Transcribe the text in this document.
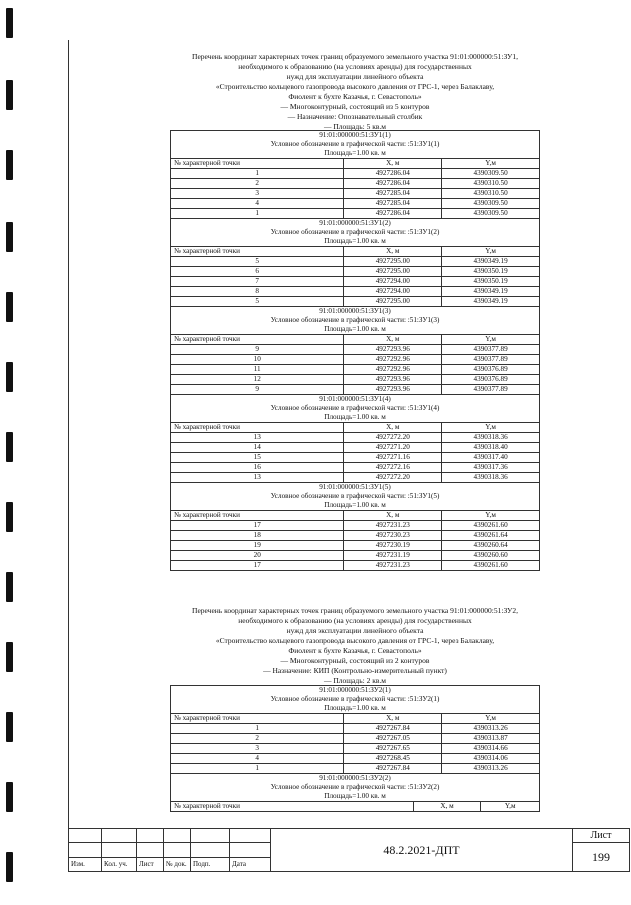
Перечень координат характерных точек границ образуемого земельного участка 91:01:000000:51:ЗУ1,
необходимого к образованию (на условиях аренды) для государственных
нужд для эксплуатации линейного объекта
«Строительство кольцевого газопровода высокого давления от ГРС-1, через Балаклаву,
Фиолент к бухте Казачья, г. Севастополь»
— Многоконтурный, состоящий из 5 контуров
— Назначение: Опознавательный столбик
— Площадь: 5 кв.м
91:01:000000:51:ЗУ1(1)		
Условное обозначение в графической части: :51:ЗУ1(1)		
Площадь=1.00 кв. м		
№ характерной точки	X, м	Y,м
1	4927286.04	4390309.50
2	4927286.04	4390310.50
3	4927285.04	4390310.50
4	4927285.04	4390309.50
1	4927286.04	4390309.50
91:01:000000:51:ЗУ1(2)		
Условное обозначение в графической части: :51:ЗУ1(2)		
Площадь=1.00 кв. м		
№ характерной точки	X, м	Y,м
5	4927295.00	4390349.19
6	4927295.00	4390350.19
7	4927294.00	4390350.19
8	4927294.00	4390349.19
5	4927295.00	4390349.19
91:01:000000:51:ЗУ1(3)		
Условное обозначение в графической части: :51:ЗУ1(3)		
Площадь=1.00 кв. м		
№ характерной точки	X, м	Y,м
9	4927293.96	4390377.89
10	4927292.96	4390377.89
11	4927292.96	4390376.89
12	4927293.96	4390376.89
9	4927293.96	4390377.89
91:01:000000:51:ЗУ1(4)		
Условное обозначение в графической части: :51:ЗУ1(4)		
Площадь=1.00 кв. м		
№ характерной точки	X, м	Y,м
13	4927272.20	4390318.36
14	4927271.20	4390318.40
15	4927271.16	4390317.40
16	4927272.16	4390317.36
13	4927272.20	4390318.36
91:01:000000:51:ЗУ1(5)		
Условное обозначение в графической части: :51:ЗУ1(5)		
Площадь=1.00 кв. м		
№ характерной точки	X, м	Y,м
17	4927231.23	4390261.60
18	4927230.23	4390261.64
19	4927230.19	4390260.64
20	4927231.19	4390260.60
17	4927231.23	4390261.60
Перечень координат характерных точек границ образуемого земельного участка 91:01:000000:51:ЗУ2,
необходимого к образованию (на условиях аренды) для государственных
нужд для эксплуатации линейного объекта
«Строительство кольцевого газопровода высокого давления от ГРС-1, через Балаклаву,
Фиолент к бухте Казачья, г. Севастополь»
— Многоконтурный, состоящий из 2 контуров
— Назначение: КИП (Контрольно-измерительный пункт)
— Площадь: 2 кв.м
91:01:000000:51:ЗУ2(1)		
Условное обозначение в графической части: :51:ЗУ2(1)		
Площадь=1.00 кв. м		
№ характерной точки	X, м	Y,м
1	4927267.84	4390313.26
2	4927267.05	4390313.87
3	4927267.65	4390314.66
4	4927268.45	4390314.06
1	4927267.84	4390313.26
91:01:000000:51:ЗУ2(2)
Условное обозначение в графической части: :51:ЗУ2(2)
Площадь=1.00 кв. м
№ характерной точки	X, м	Y,м
						48.2.2021-ДПТ	Лист
							199
Изм.	Кол. уч.	Лист	№ док.	Подп.	Дата		
